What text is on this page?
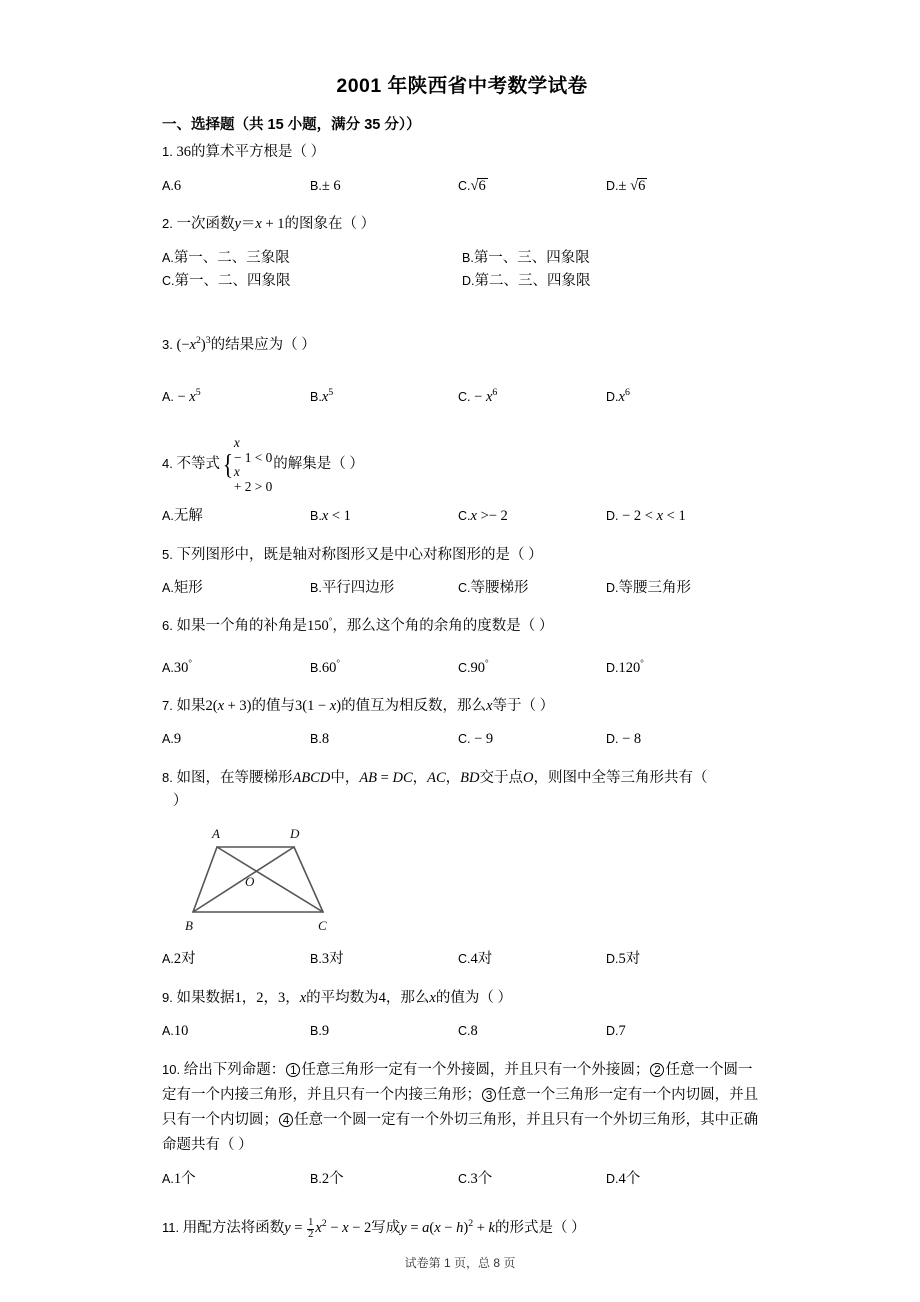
2001 年陕西省中考数学试卷
一、选择题（共 15 小题，满分 35 分））
1. 36的算术平方根是（ ）
A.6	B.± 6	C.√6	D.± √6
2. 一次函数y＝x + 1的图象在（ ）
A.第一、二、三象限	B.第一、三、四象限
C.第一、二、四象限	D.第二、三、四象限
3. $(-x^2)^3$的结果应为（ ）
A. − $x^5$	$B.x^5$	C. − $x^6$	$D.x^6$
4. 不等式 {
x
− 1 < 0
x
+ 2 > 0
的解集是（ ）
A.无解	B.x < 1	C.x >− 2	D. − 2 < x < 1
5. 下列图形中，既是轴对称图形又是中心对称图形的是（ ）
A.矩形	B.平行四边形	C.等腰梯形	D.等腰三角形
6. 如果一个角的补角是150°，那么这个角的余角的度数是（ ）
A.30°	B.60°	C.90°	D.120°
7. 如果2(x + 3)的值与3(1 − x)的值互为相反数，那么x等于（ ）
A.9	B.8	C. − 9	D. − 8
8. 如图，在等腰梯形ABCD中，AB = DC，AC，BD交于点O，则图中全等三角形共有（
）
A	D
B	C
O
A.2对	B.3对	C.4对	D.5对
9. 如果数据1，2，3，x的平均数为4，那么x的值为（ ）
A.10	B.9	C.8	D.7
10. 给出下列命题： 1 任意三角形一定有一个外接圆，并且只有一个外接圆； 2 任意一个圆一定有一个内接三角形，并且只有一个内接三角形； 3 任意一个三角形一定有一个内切圆，并且只有一个内切圆； 4 任意一个圆一定有一个外切三角形，并且只有一个外切三角形，其中正确命题共有（ ）
A.1个	B.2个	C.3个	D.4个
11. 用配方法将函数$y = \frac{1}{2} x^2 - x - 2$写成$y = a(x - h)^2 + k$的形式是（ ）
试卷第 1 页，总 8 页
